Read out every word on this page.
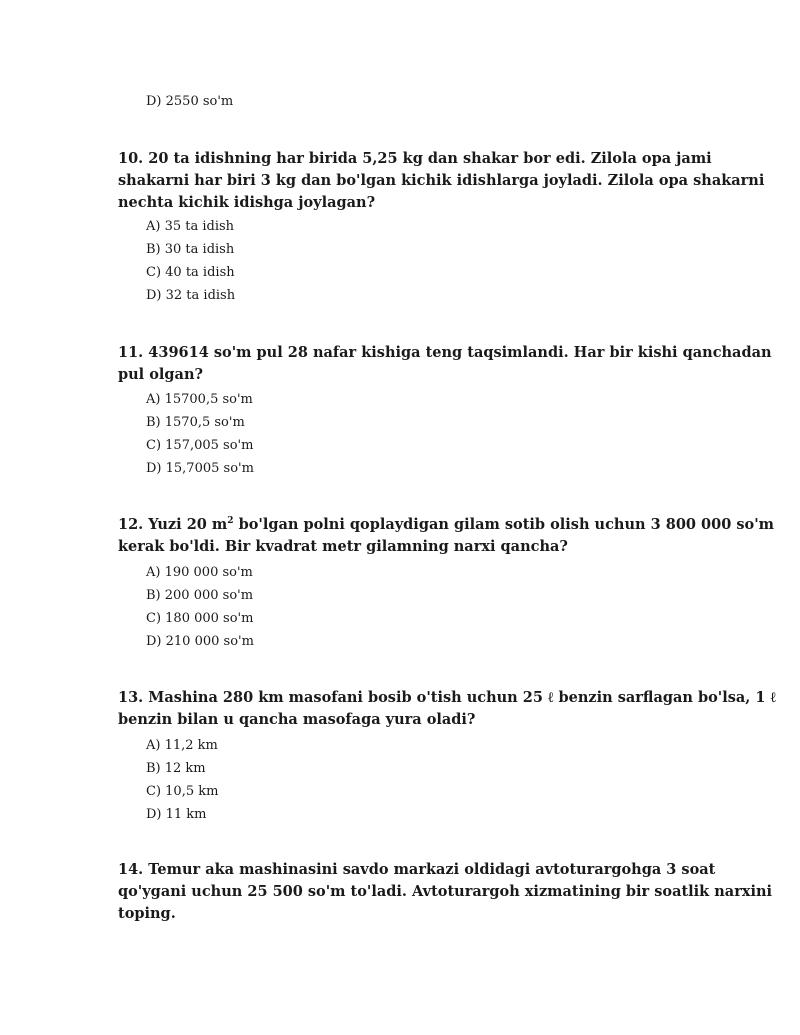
D) 2550 so'm
10. 20 ta idishning har birida 5,25 kg dan shakar bor edi. Zilola opa jami
shakarni har biri 3 kg dan bo'lgan kichik idishlarga joyladi. Zilola opa shakarni
nechta kichik idishga joylagan?
A) 35 ta idish
B) 30 ta idish
C) 40 ta idish
D) 32 ta idish
11. 439614 so'm pul 28 nafar kishiga teng taqsimlandi. Har bir kishi qanchadan
pul olgan?
A) 15700,5 so'm
B) 1570,5 so'm
C) 157,005 so'm
D) 15,7005 so'm
12. Yuzi 20 $m^2$ bo'lgan polni qoplaydigan gilam sotib olish uchun 3 800 000 so'm
kerak bo'ldi. Bir kvadrat metr gilamning narxi qancha?
A) 190 000 so'm
B) 200 000 so'm
C) 180 000 so'm
D) 210 000 so'm
13. Mashina 280 km masofani bosib o'tish uchun 25 ℓ benzin sarflagan bo'lsa, 1 ℓ
benzin bilan u qancha masofaga yura oladi?
A) 11,2 km
B) 12 km
C) 10,5 km
D) 11 km
14. Temur aka mashinasini savdo markazi oldidagi avtoturargohga 3 soat
qo'ygani uchun 25 500 so'm to'ladi. Avtoturargoh xizmatining bir soatlik narxini
toping.
